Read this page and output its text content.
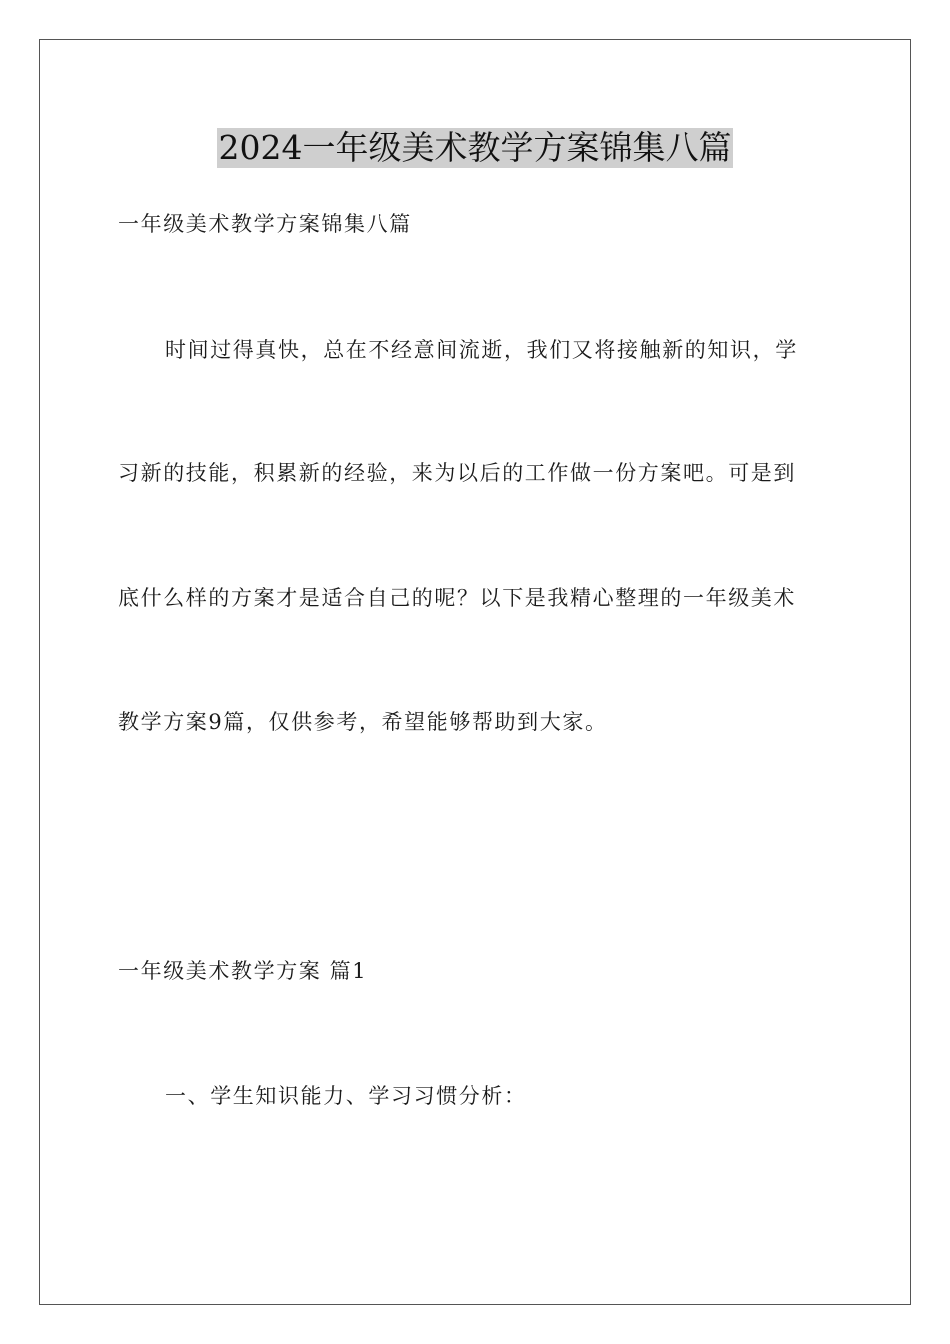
2024一年级美术教学方案锦集八篇
一年级美术教学方案锦集八篇
时间过得真快，总在不经意间流逝，我们又将接触新的知识，学
习新的技能，积累新的经验，来为以后的工作做一份方案吧。可是到
底什么样的方案才是适合自己的呢？以下是我精心整理的一年级美术
教学方案9篇，仅供参考，希望能够帮助到大家。
一年级美术教学方案 篇1
一、学生知识能力、学习习惯分析：
